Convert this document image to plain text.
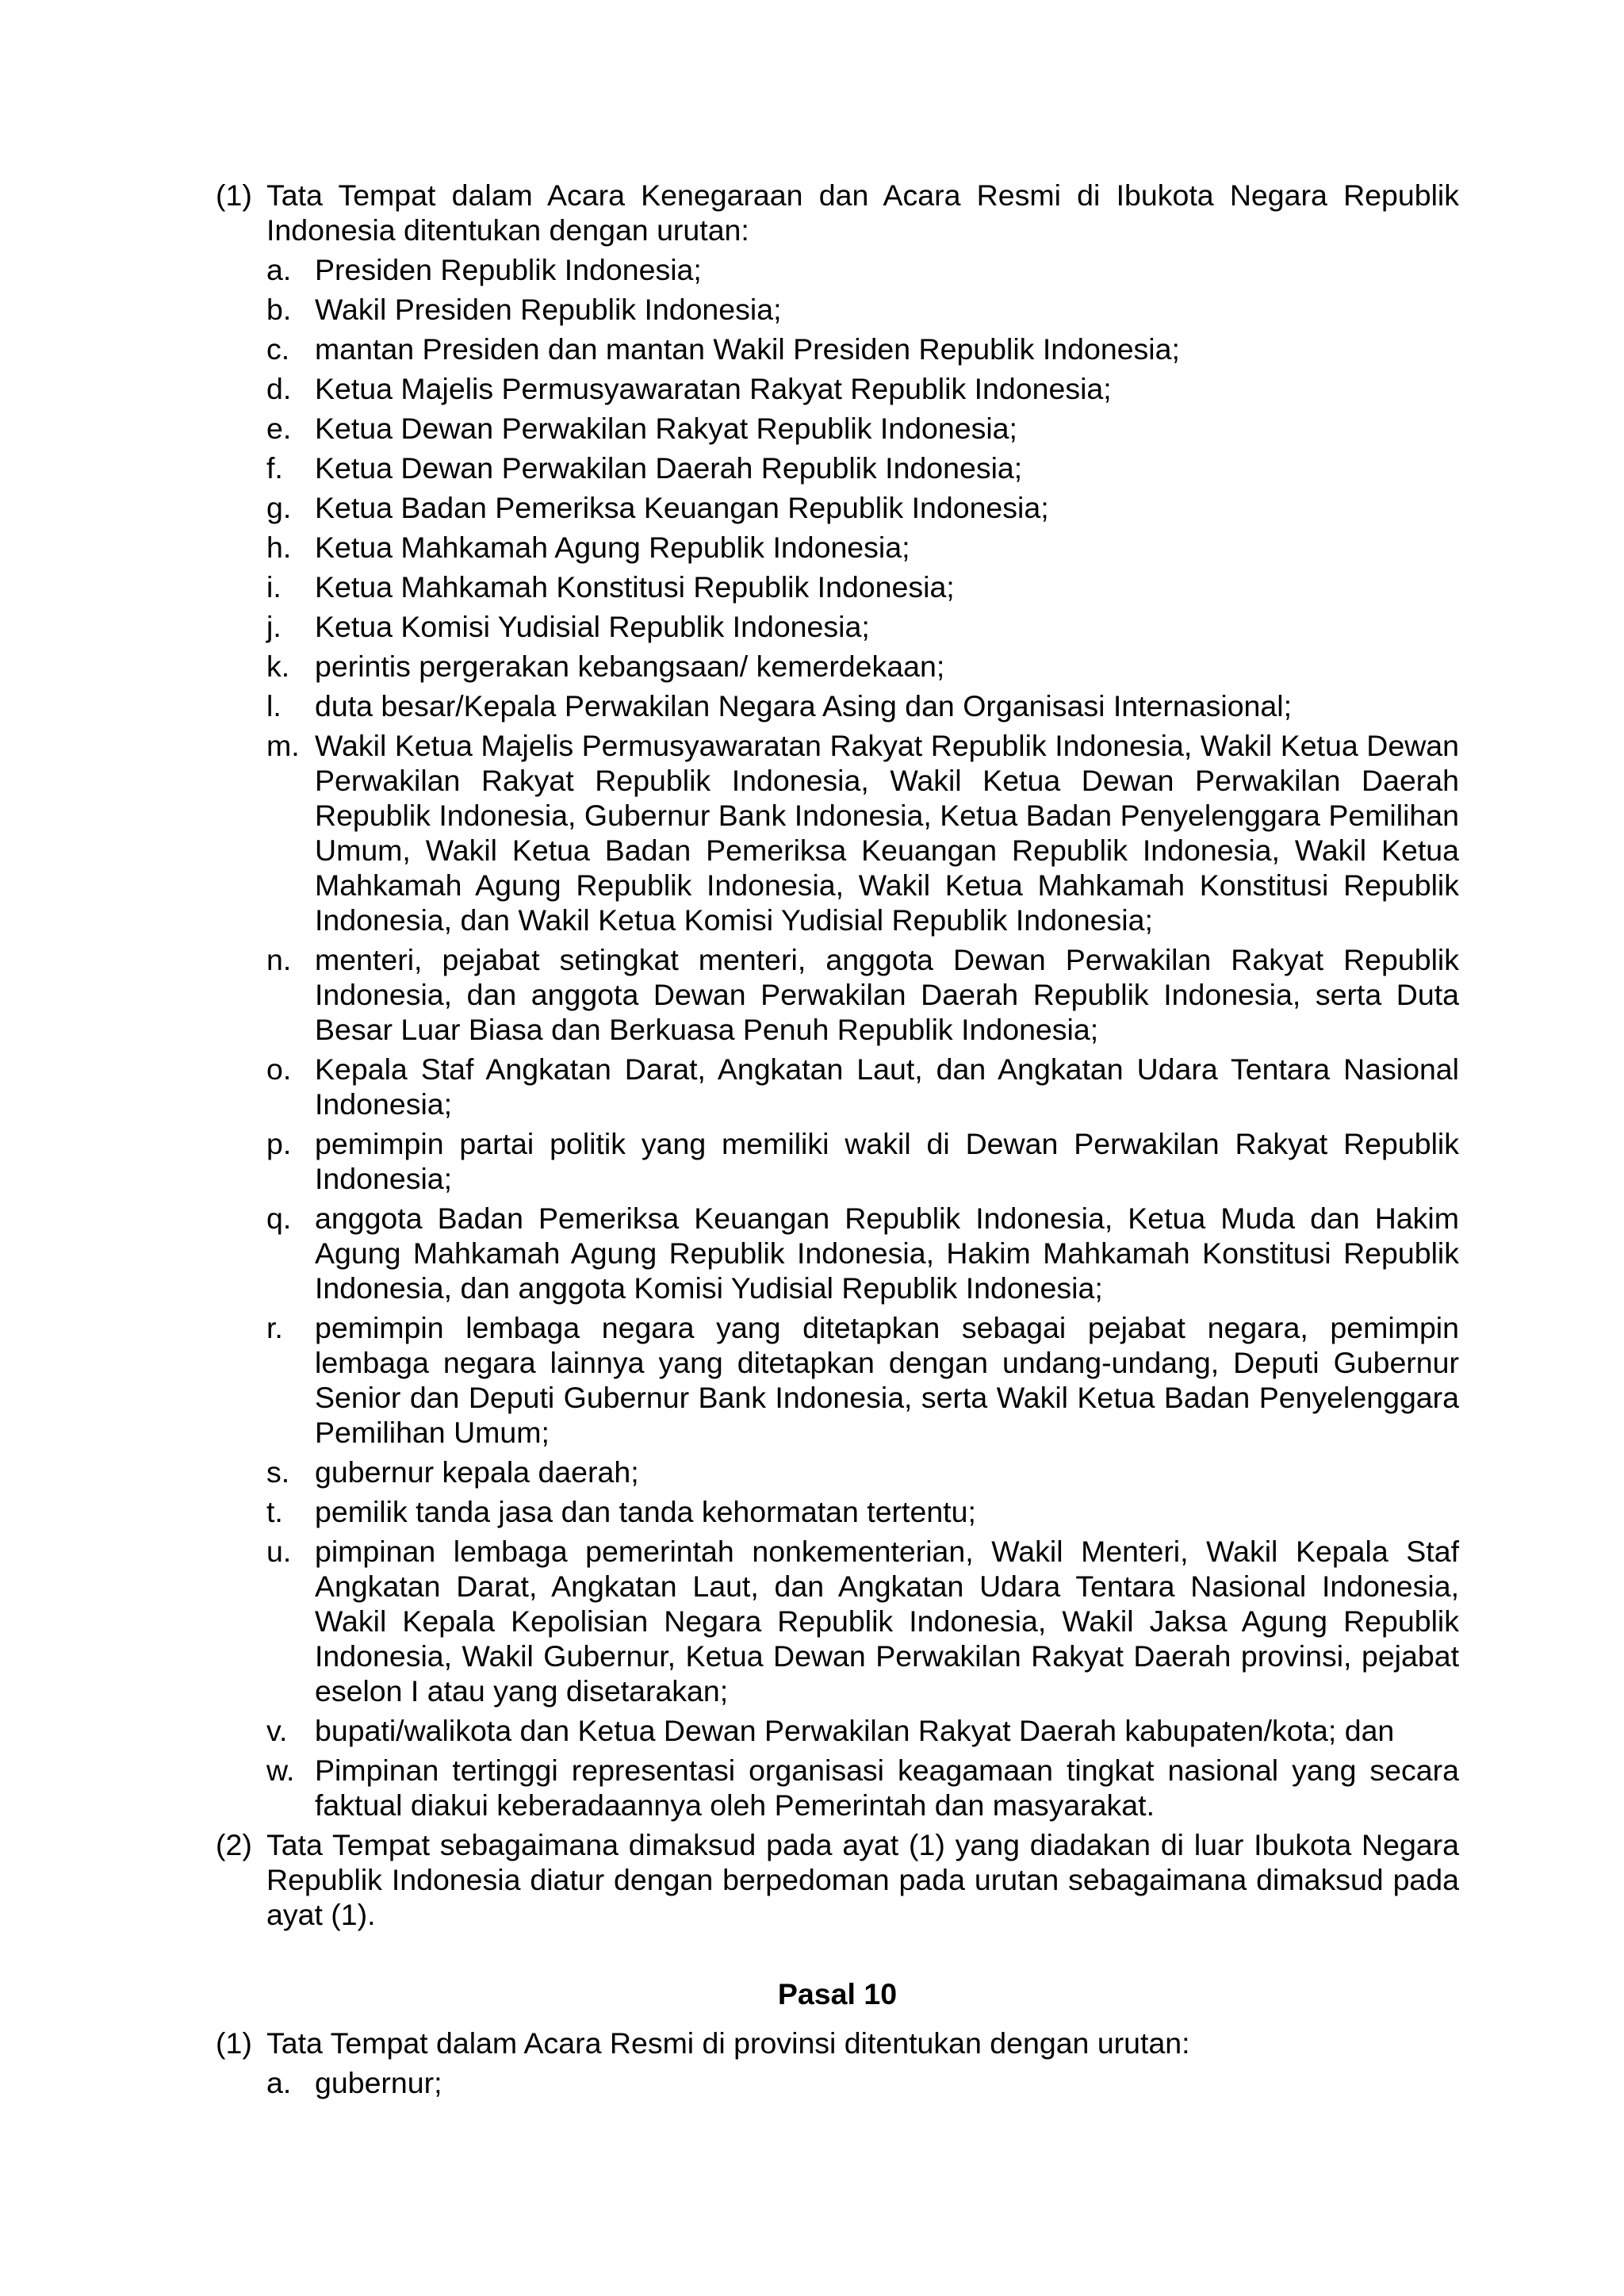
(1) Tata Tempat dalam Acara Kenegaraan dan Acara Resmi di Ibukota Negara Republik Indonesia ditentukan dengan urutan:
a. Presiden Republik Indonesia;
b. Wakil Presiden Republik Indonesia;
c. mantan Presiden dan mantan Wakil Presiden Republik Indonesia;
d. Ketua Majelis Permusyawaratan Rakyat Republik Indonesia;
e. Ketua Dewan Perwakilan Rakyat Republik Indonesia;
f. Ketua Dewan Perwakilan Daerah Republik Indonesia;
g. Ketua Badan Pemeriksa Keuangan Republik Indonesia;
h. Ketua Mahkamah Agung Republik Indonesia;
i. Ketua Mahkamah Konstitusi Republik Indonesia;
j. Ketua Komisi Yudisial Republik Indonesia;
k. perintis pergerakan kebangsaan/ kemerdekaan;
l. duta besar/Kepala Perwakilan Negara Asing dan Organisasi Internasional;
m. Wakil Ketua Majelis Permusyawaratan Rakyat Republik Indonesia, Wakil Ketua Dewan Perwakilan Rakyat Republik Indonesia, Wakil Ketua Dewan Perwakilan Daerah Republik Indonesia, Gubernur Bank Indonesia, Ketua Badan Penyelenggara Pemilihan Umum, Wakil Ketua Badan Pemeriksa Keuangan Republik Indonesia, Wakil Ketua Mahkamah Agung Republik Indonesia, Wakil Ketua Mahkamah Konstitusi Republik Indonesia, dan Wakil Ketua Komisi Yudisial Republik Indonesia;
n. menteri, pejabat setingkat menteri, anggota Dewan Perwakilan Rakyat Republik Indonesia, dan anggota Dewan Perwakilan Daerah Republik Indonesia, serta Duta Besar Luar Biasa dan Berkuasa Penuh Republik Indonesia;
o. Kepala Staf Angkatan Darat, Angkatan Laut, dan Angkatan Udara Tentara Nasional Indonesia;
p. pemimpin partai politik yang memiliki wakil di Dewan Perwakilan Rakyat Republik Indonesia;
q. anggota Badan Pemeriksa Keuangan Republik Indonesia, Ketua Muda dan Hakim Agung Mahkamah Agung Republik Indonesia, Hakim Mahkamah Konstitusi Republik Indonesia, dan anggota Komisi Yudisial Republik Indonesia;
r. pemimpin lembaga negara yang ditetapkan sebagai pejabat negara, pemimpin lembaga negara lainnya yang ditetapkan dengan undang-undang, Deputi Gubernur Senior dan Deputi Gubernur Bank Indonesia, serta Wakil Ketua Badan Penyelenggara Pemilihan Umum;
s. gubernur kepala daerah;
t. pemilik tanda jasa dan tanda kehormatan tertentu;
u. pimpinan lembaga pemerintah nonkementerian, Wakil Menteri, Wakil Kepala Staf Angkatan Darat, Angkatan Laut, dan Angkatan Udara Tentara Nasional Indonesia, Wakil Kepala Kepolisian Negara Republik Indonesia, Wakil Jaksa Agung Republik Indonesia, Wakil Gubernur, Ketua Dewan Perwakilan Rakyat Daerah provinsi, pejabat eselon I atau yang disetarakan;
v. bupati/walikota dan Ketua Dewan Perwakilan Rakyat Daerah kabupaten/kota; dan
w. Pimpinan tertinggi representasi organisasi keagamaan tingkat nasional yang secara faktual diakui keberadaannya oleh Pemerintah dan masyarakat.
(2) Tata Tempat sebagaimana dimaksud pada ayat (1) yang diadakan di luar Ibukota Negara Republik Indonesia diatur dengan berpedoman pada urutan sebagaimana dimaksud pada ayat (1).
Pasal 10
(1) Tata Tempat dalam Acara Resmi di provinsi ditentukan dengan urutan:
a. gubernur;
